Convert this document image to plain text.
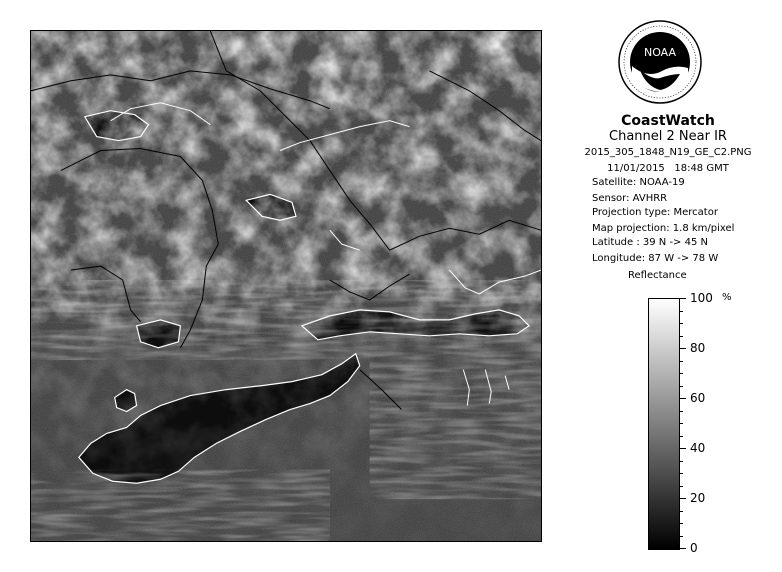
NOAA
CoastWatch
Channel 2 Near IR
2015_305_1848_N19_GE_C2.PNG
11/01/2015 18:48 GMT
Satellite: NOAA-19
Sensor: AVHRR
Projection type: Mercator
Map projection: 1.8 km/pixel
Latitude : 39 N -> 45 N
Longitude: 87 W -> 78 W
Reflectance
%
100
80
60
40
20
0
